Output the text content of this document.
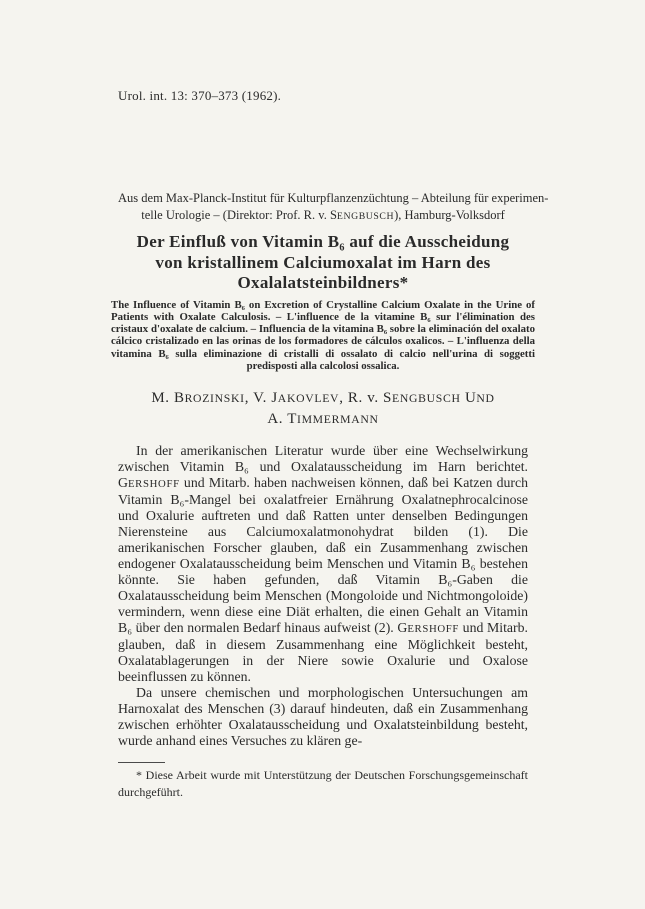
Urol. int. 13: 370–373 (1962).
Aus dem Max-Planck-Institut für Kulturpflanzenzüchtung – Abteilung für experimen-
telle Urologie – (Direktor: Prof. R. v. SENGBUSCH), Hamburg-Volksdorf
Der Einfluß von Vitamin B₆ auf die Ausscheidung
von kristallinem Calciumoxalat im Harn des
Oxalalatsteinbildners*
The Influence of Vitamin B₆ on Excretion of Crystalline Calcium Oxalate in the Urine of Patients with Oxalate Calculosis. – L'influence de la vitamine B₆ sur l'élimination des cristaux d'oxalate de calcium. – Influencia de la vitamina B₆ sobre la eliminación del oxalato cálcico cristalizado en las orinas de los formadores de cálculos oxalicos. – L'influenza della vitamina B₆ sulla eliminazione di cristalli di ossalato di calcio nell'urina di soggetti predisposti alla calcolosi ossalica.
M. BROZINSKI, V. JAKOVLEV, R. v. SENGBUSCH UND
A. TIMMERMANN

In der amerikanischen Literatur wurde über eine Wechselwirkung zwischen Vitamin B₆ und Oxalatausscheidung im Harn berichtet. GERSHOFF und Mitarb. haben nachweisen können, daß bei Katzen durch Vitamin B₆-Mangel bei oxalatfreier Ernährung Oxalatnephrocalcinose und Oxalurie auftreten und daß Ratten unter denselben Bedingungen Nierensteine aus Calciumoxalatmonohydrat bilden (1). Die amerikanischen Forscher glauben, daß ein Zusammenhang zwischen endogener Oxalatausscheidung beim Menschen und Vitamin B₆ bestehen könnte. Sie haben gefunden, daß Vitamin B₆-Gaben die Oxalatausscheidung beim Menschen (Mongoloide und Nichtmongoloide) vermindern, wenn diese eine Diät erhalten, die einen Gehalt an Vitamin B₆ über den normalen Bedarf hinaus aufweist (2). GERSHOFF und Mitarb. glauben, daß in diesem Zusammenhang eine Möglichkeit besteht, Oxalatablagerungen in der Niere sowie Oxalurie und Oxalose beeinflussen zu können.

Da unsere chemischen und morphologischen Untersuchungen am Harnoxalat des Menschen (3) darauf hindeuten, daß ein Zusammenhang zwischen erhöhter Oxalatausscheidung und Oxalatsteinbildung besteht, wurde anhand eines Versuches zu klären ge-

* Diese Arbeit wurde mit Unterstützung der Deutschen Forschungsgemeinschaft durchgeführt.
